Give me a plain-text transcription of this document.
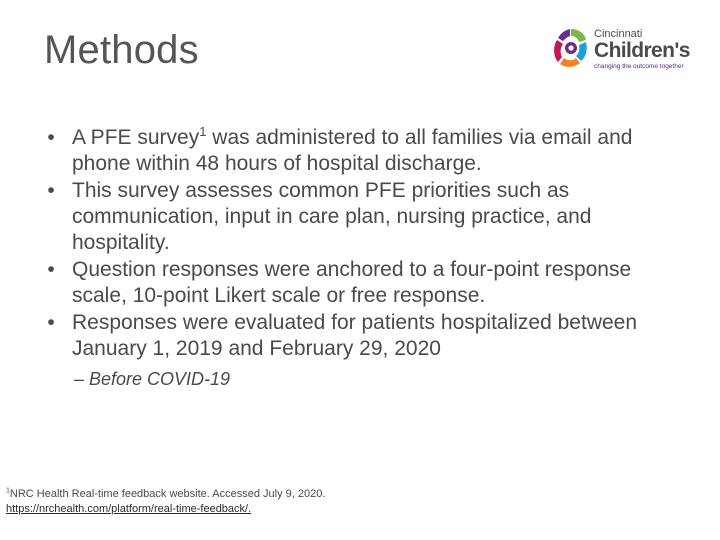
Methods	Cincinnati
Children's
changing the outcome together
• A PFE survey$^1$ was administered to all families via email and phone within 48 hours of hospital discharge.
• This survey assesses common PFE priorities such as communication, input in care plan, nursing practice, and hospitality.
• Question responses were anchored to a four-point response scale, 10-point Likert scale or free response.
• Responses were evaluated for patients hospitalized between January 1, 2019 and February 29, 2020
– Before COVID-19
$^1$NRC Health Real-time feedback website. Accessed July 9, 2020.
https://nrchealth.com/platform/real-time-feedback/.
